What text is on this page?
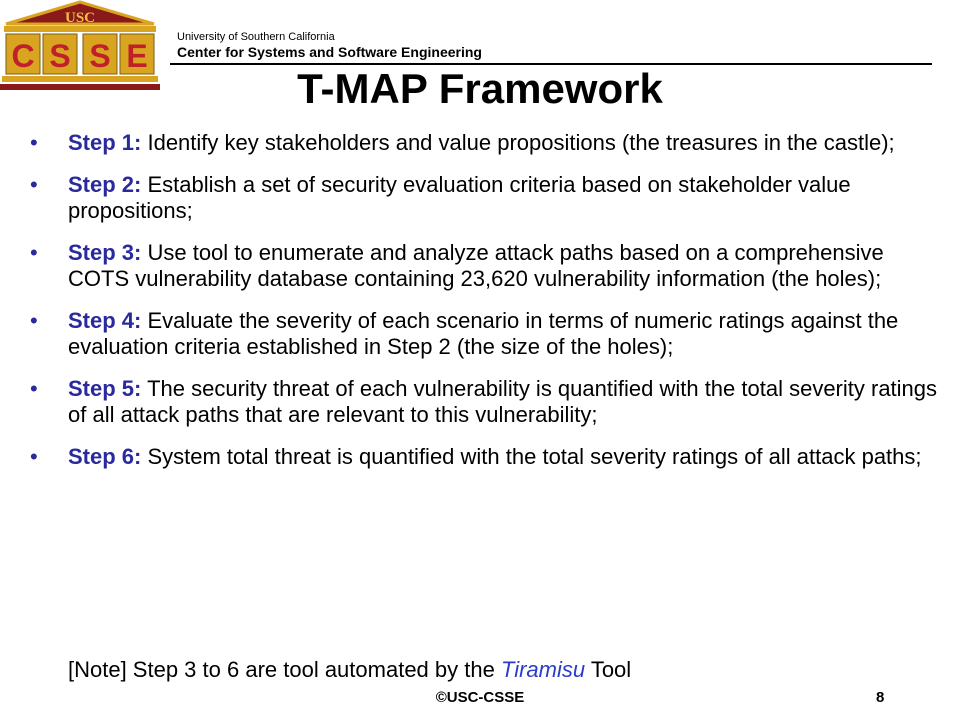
USC
C S S E
University of Southern California
Center for Systems and Software Engineering
T-MAP Framework
• Step 1: Identify key stakeholders and value propositions (the treasures in the castle);
• Step 2: Establish a set of security evaluation criteria based on stakeholder value propositions;
• Step 3: Use tool to enumerate and analyze attack paths based on a comprehensive COTS vulnerability database containing 23,620 vulnerability information (the holes);
• Step 4: Evaluate the severity of each scenario in terms of numeric ratings against the evaluation criteria established in Step 2 (the size of the holes);
• Step 5: The security threat of each vulnerability is quantified with the total severity ratings of all attack paths that are relevant to this vulnerability;
• Step 6: System total threat is quantified with the total severity ratings of all attack paths;
[Note] Step 3 to 6 are tool automated by the Tiramisu Tool
©USC-CSSE	8
